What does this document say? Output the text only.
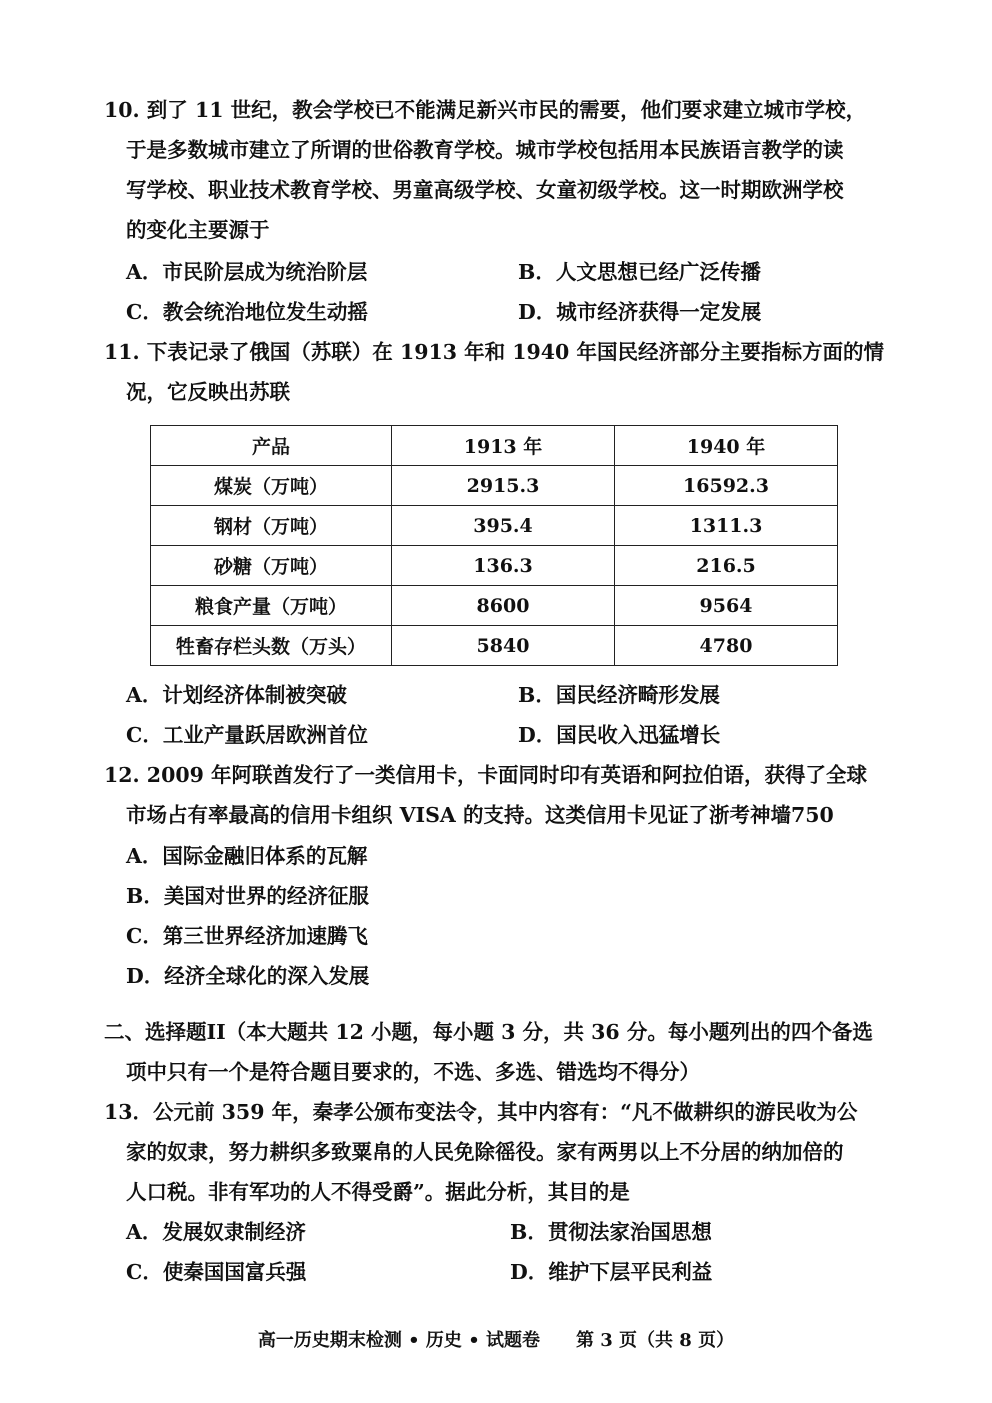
10. 到了 11 世纪，教会学校已不能满足新兴市民的需要，他们要求建立城市学校，
于是多数城市建立了所谓的世俗教育学校。城市学校包括用本民族语言教学的读
写学校、职业技术教育学校、男童高级学校、女童初级学校。这一时期欧洲学校
的变化主要源于
A．市民阶层成为统治阶层	B．人文思想已经广泛传播
C．教会统治地位发生动摇	D．城市经济获得一定发展
11. 下表记录了俄国（苏联）在 1913 年和 1940 年国民经济部分主要指标方面的情
况，它反映出苏联
产品	1913 年	1940 年
煤炭（万吨）	2915.3	16592.3
钢材（万吨）	395.4	1311.3
砂糖（万吨）	136.3	216.5
粮食产量（万吨）	8600	9564
牲畜存栏头数（万头）	5840	4780
A．计划经济体制被突破	B．国民经济畸形发展
C．工业产量跃居欧洲首位	D．国民收入迅猛增长
12. 2009 年阿联酋发行了一类信用卡，卡面同时印有英语和阿拉伯语，获得了全球
市场占有率最高的信用卡组织 VISA 的支持。这类信用卡见证了浙考神墙750
A．国际金融旧体系的瓦解
B．美国对世界的经济征服
C．第三世界经济加速腾飞
D．经济全球化的深入发展
二、选择题II（本大题共 12 小题，每小题 3 分，共 36 分。每小题列出的四个备选
项中只有一个是符合题目要求的，不选、多选、错选均不得分）
13．公元前 359 年，秦孝公颁布变法令，其中内容有：“凡不做耕织的游民收为公
家的奴隶，努力耕织多致粟帛的人民免除徭役。家有两男以上不分居的纳加倍的
人口税。非有军功的人不得受爵”。据此分析，其目的是
A．发展奴隶制经济	B．贯彻法家治国思想
C．使秦国国富兵强	D．维护下层平民利益
高一历史期末检测 • 历史 • 试题卷　　第 3 页（共 8 页）
